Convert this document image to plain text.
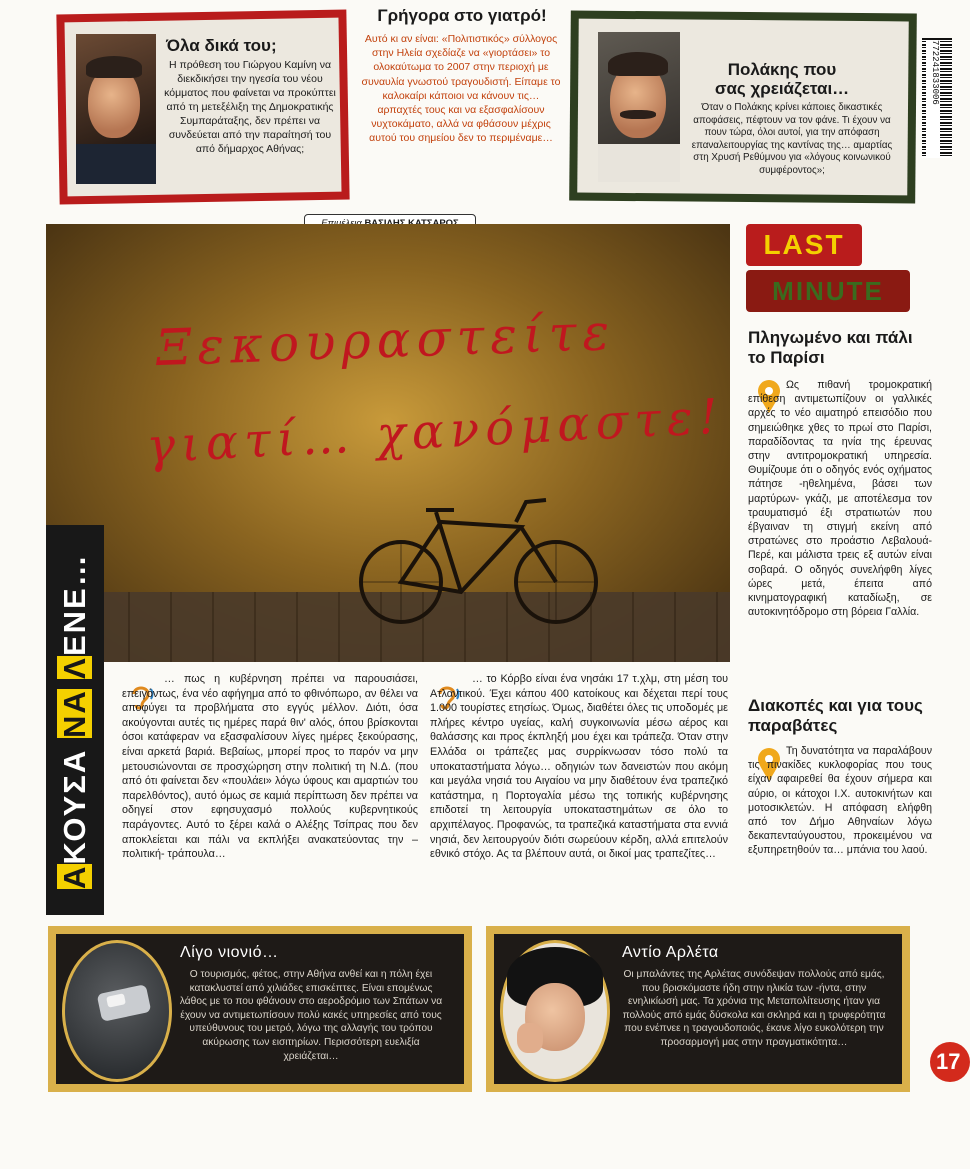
Όλα δικά του;
Η πρόθεση του Γιώργου Καμίνη να διεκδικήσει την ηγεσία του νέου κόμματος που φαίνεται να προκύπτει από τη μετεξέλιξη της Δημοκρατικής Συμπαράταξης, δεν πρέπει να συνδεύεται από την παραίτησή του από δήμαρχος Αθήνας;
Γρήγορα στο γιατρό!
Αυτό κι αν είναι: «Πολιτιστικός» σύλλογος στην Ηλεία σχεδίαζε να «γιορτάσει» το ολοκαύτωμα το 2007 στην περιοχή με συναυλία γνωστού τραγουδιστή. Είπαμε το καλοκαίρι κάποιοι να κάνουν τις… αρπαχτές τους και να εξασφαλίσουν νυχτοκάματο, αλλά να φθάσουν μέχρις αυτού του σημείου δεν το περιμέναμε…
Πολάκης που σας χρειάζεται…
Όταν ο Πολάκης κρίνει κάποιες δικαστικές αποφάσεις, πέφτουν να τον φάνε. Τι έχουν να πουν τώρα, όλοι αυτοί, για την απόφαση επαναλειτουργίας της καντίνας της… αμαρτίας στη Χρυσή Ρεθύμνου για «λόγους κοινωνικού συμφέροντος»;
772241833006
Ξεκουραστείτε
γιατί… χανόμαστε!
ΑΚΟΥΣΑ ΝΑ ΛΕΝΕ…
… πως η κυβέρνηση πρέπει να παρουσιάσει, επειγόντως, ένα νέο αφήγημα από το φθινόπωρο, αν θέλει να αποφύγει τα προβλήματα στο εγγύς μέλλον. Διότι, όσα ακούγονται αυτές τις ημέρες παρά θιν' αλός, όπου βρίσκονται όσοι κατάφεραν να εξασφαλίσουν λίγες ημέρες ξεκούρασης, είναι αρκετά βαριά. Βεβαίως, μπορεί προς το παρόν να μην μετουσιώνονται σε προσχώρηση στην πολιτική τη Ν.Δ. (που από ότι φαίνεται δεν «πουλάει» λόγω ύφους και αμαρτιών του παρελθόντος), αυτό όμως σε καμιά περίπτωση δεν πρέπει να οδηγεί στον εφησυχασμό πολλούς κυβερνητικούς παράγοντες. Αυτό το ξέρει καλά ο Αλέξης Τσίπρας που δεν αποκλείεται και πάλι να εκπλήξει ανακατεύοντας την –πολιτική- τράπουλα…
… το Κόρβο είναι ένα νησάκι 17 τ.χλμ, στη μέση του Ατλαντικού. Έχει κάπου 400 κατοίκους και δέχεται περί τους 1.000 τουρίστες ετησίως. Όμως, διαθέτει όλες τις υποδομές με πλήρες κέντρο υγείας, καλή συγκοινωνία μέσω αέρος και θαλάσσης και προς έκπληξή μου έχει και τράπεζα. Όταν στην Ελλάδα οι τράπεζες μας συρρίκνωσαν τόσο πολύ τα υποκαταστήματα λόγω… οδηγιών των δανειστών που ακόμη και μεγάλα νησιά του Αιγαίου να μην διαθέτουν ένα τραπεζικό κατάστημα, η Πορτογαλία μέσω της τοπικής κυβέρνησης επιδοτεί τη λειτουργία υποκαταστημάτων σε όλο το αρχιπέλαγος. Προφανώς, τα τραπεζικά καταστήματα στα εννιά νησιά, δεν λειτουργούν διότι σωρεύουν κέρδη, αλλά επιτελούν εθνικό στόχο. Ας τα βλέπουν αυτά, οι δικοί μας τραπεζίτες…
LAST
MINUTE
Πληγωμένο και πάλι το Παρίσι
Ως πιθανή τρομοκρατική επίθεση αντιμετωπίζουν οι γαλλικές αρχές το νέο αιματηρό επεισόδιο που σημειώθηκε χθες το πρωί στο Παρίσι, παραδίδοντας τα ηνία της έρευνας στην αντιτρομοκρατική υπηρεσία. Θυμίζουμε ότι ο οδηγός ενός οχήματος πάτησε -ηθελημένα, βάσει των μαρτύρων- γκάζι, με αποτέλεσμα τον τραυματισμό έξι στρατιωτών που έβγαιναν τη στιγμή εκείνη από στρατώνες στο προάστιο Λεβαλουά-Περέ, και μάλιστα τρεις εξ αυτών είναι σοβαρά. Ο οδηγός συνελήφθη λίγες ώρες μετά, έπειτα από κινηματογραφική καταδίωξη, σε αυτοκινητόδρομο στη βόρεια Γαλλία.
Διακοπές και για τους παραβάτες
Τη δυνατότητα να παραλάβουν τις πινακίδες κυκλοφορίας που τους είχαν αφαιρεθεί θα έχουν σήμερα και αύριο, οι κάτοχοι Ι.Χ. αυτοκινήτων και μοτοσικλετών. Η απόφαση ελήφθη από τον Δήμο Αθηναίων λόγω δεκαπενταύγουστου, προκειμένου να εξυπηρετηθούν τα… μπάνια του λαού.
Λίγο νιονιό…
Ο τουρισμός, φέτος, στην Αθήνα ανθεί και η πόλη έχει κατακλυστεί από χιλιάδες επισκέπτες. Είναι επομένως λάθος με το που φθάνουν στο αεροδρόμιο των Σπάτων να έχουν να αντιμετωπίσουν πολύ κακές υπηρεσίες από τους υπεύθυνους του μετρό, λόγω της αλλαγής του τρόπου ακύρωσης των εισιτηρίων. Περισσότερη ευελιξία χρειάζεται…
Αντίο Αρλέτα
Οι μπαλάντες της Αρλέτας συνόδεψαν πολλούς από εμάς, που βρισκόμαστε ήδη στην ηλικία των -ήντα, στην ενηλικίωσή μας. Τα χρόνια της Μεταπολίτευσης ήταν για πολλούς από εμάς δύσκολα και σκληρά και η τρυφερότητα που ενέπνεε η τραγουδοποιός, έκανε λίγο ευκολότερη την προσαρμογή μας στην πραγματικότητα…
17
